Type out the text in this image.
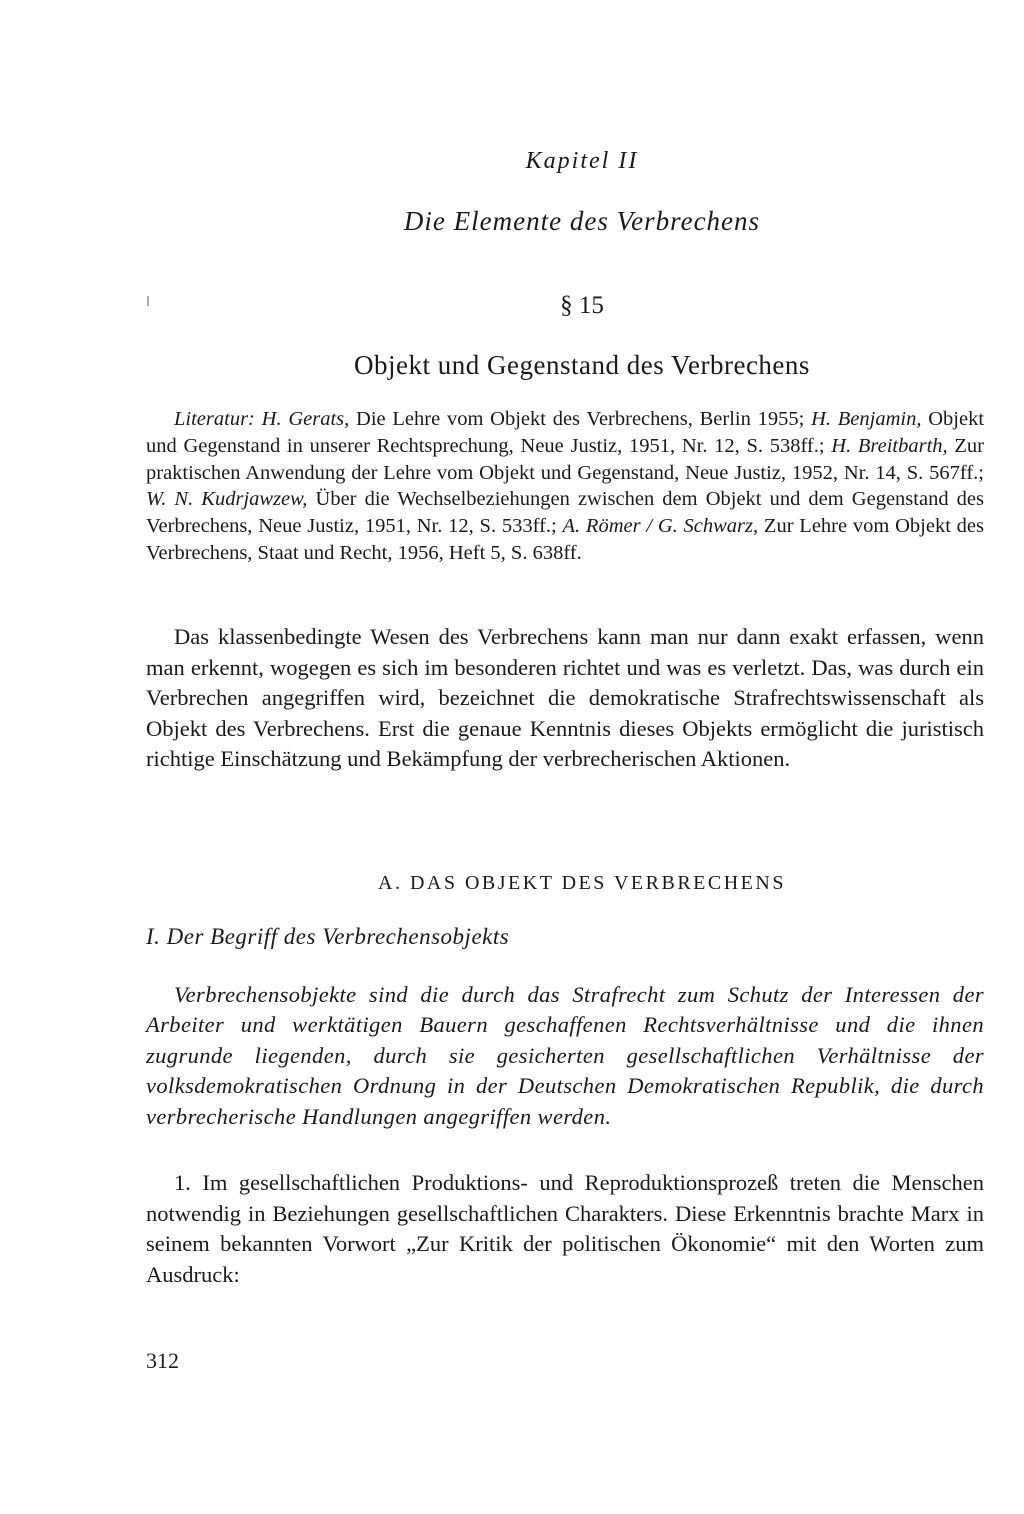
Kapitel II
Die Elemente des Verbrechens
§ 15
Objekt und Gegenstand des Verbrechens
Literatur: H. Gerats, Die Lehre vom Objekt des Verbrechens, Berlin 1955; H. Benjamin, Objekt und Gegenstand in unserer Rechtsprechung, Neue Justiz, 1951, Nr. 12, S. 538ff.; H. Breitbarth, Zur praktischen Anwendung der Lehre vom Objekt und Gegenstand, Neue Justiz, 1952, Nr. 14, S. 567ff.; W. N. Kudrjawzew, Über die Wechselbeziehungen zwischen dem Objekt und dem Gegenstand des Verbrechens, Neue Justiz, 1951, Nr. 12, S. 533ff.; A. Römer / G. Schwarz, Zur Lehre vom Objekt des Verbrechens, Staat und Recht, 1956, Heft 5, S. 638ff.
Das klassenbedingte Wesen des Verbrechens kann man nur dann exakt erfassen, wenn man erkennt, wogegen es sich im besonderen richtet und was es verletzt. Das, was durch ein Verbrechen angegriffen wird, bezeichnet die demokratische Strafrechtswissenschaft als Objekt des Verbrechens. Erst die genaue Kenntnis dieses Objekts ermöglicht die juristisch richtige Einschätzung und Bekämpfung der verbrecherischen Aktionen.
A. DAS OBJEKT DES VERBRECHENS
I. Der Begriff des Verbrechensobjekts
Verbrechensobjekte sind die durch das Strafrecht zum Schutz der Interessen der Arbeiter und werktätigen Bauern geschaffenen Rechtsverhältnisse und die ihnen zugrunde liegenden, durch sie gesicherten gesellschaftlichen Verhältnisse der volksdemokratischen Ordnung in der Deutschen Demokratischen Republik, die durch verbrecherische Handlungen angegriffen werden.
1. Im gesellschaftlichen Produktions- und Reproduktionsprozeß treten die Menschen notwendig in Beziehungen gesellschaftlichen Charakters. Diese Erkenntnis brachte Marx in seinem bekannten Vorwort „Zur Kritik der politischen Ökonomie“ mit den Worten zum Ausdruck:
312
